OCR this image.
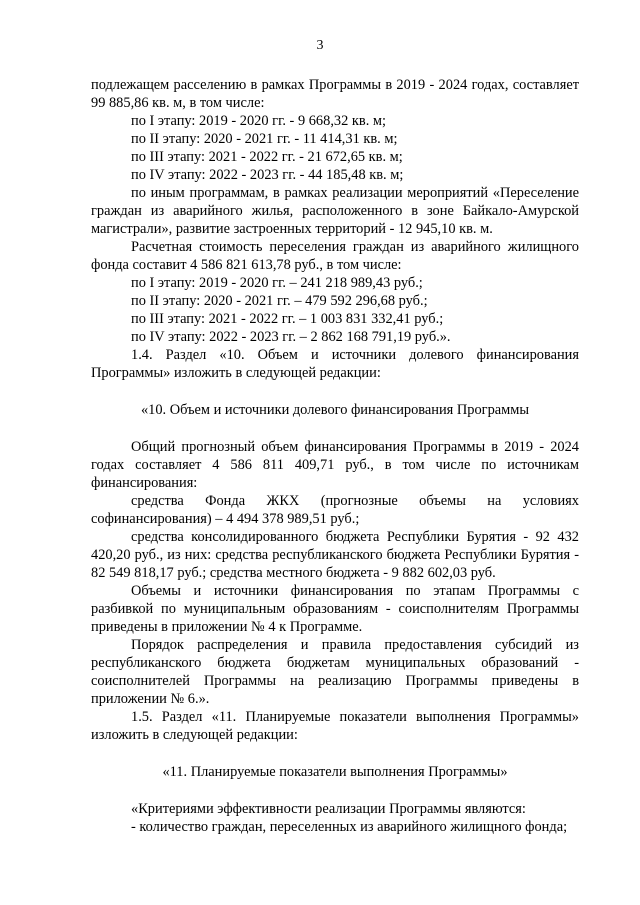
3

подлежащем расселению в рамках Программы в 2019 - 2024 годах, составляет 99 885,86 кв. м, в том числе:

по I этапу: 2019 - 2020 гг. - 9 668,32 кв. м;

по II этапу: 2020 - 2021 гг. - 11 414,31 кв. м;

по III этапу: 2021 - 2022 гг. - 21 672,65 кв. м;

по IV этапу: 2022 - 2023 гг. - 44 185,48 кв. м;

по иным программам, в рамках реализации мероприятий «Переселение граждан из аварийного жилья, расположенного в зоне Байкало-Амурской магистрали», развитие застроенных территорий - 12 945,10 кв. м.

Расчетная стоимость переселения граждан из аварийного жилищного фонда составит 4 586 821 613,78 руб., в том числе:

по I этапу: 2019 - 2020 гг. – 241 218 989,43 руб.;

по II этапу: 2020 - 2021 гг. – 479 592 296,68 руб.;

по III этапу: 2021 - 2022 гг. – 1 003 831 332,41 руб.;

по IV этапу: 2022 - 2023 гг. – 2 862 168 791,19 руб.».

1.4. Раздел «10. Объем и источники долевого финансирования Программы» изложить в следующей редакции:

«10. Объем и источники долевого финансирования Программы

Общий прогнозный объем финансирования Программы в 2019 - 2024 годах составляет 4 586 811 409,71 руб., в том числе по источникам финансирования:

средства Фонда ЖКХ (прогнозные объемы на условиях софинансирования) – 4 494 378 989,51 руб.;

средства консолидированного бюджета Республики Бурятия - 92 432 420,20 руб., из них: средства республиканского бюджета Республики Бурятия - 82 549 818,17 руб.; средства местного бюджета - 9 882 602,03 руб.

Объемы и источники финансирования по этапам Программы с разбивкой по муниципальным образованиям - соисполнителям Программы приведены в приложении № 4 к Программе.

Порядок распределения и правила предоставления субсидий из республиканского бюджета бюджетам муниципальных образований - соисполнителей Программы на реализацию Программы приведены в приложении № 6.».

1.5. Раздел «11. Планируемые показатели выполнения Программы» изложить в следующей редакции:

«11. Планируемые показатели выполнения Программы»

«Критериями эффективности реализации Программы являются:

- количество граждан, переселенных из аварийного жилищного фонда;
